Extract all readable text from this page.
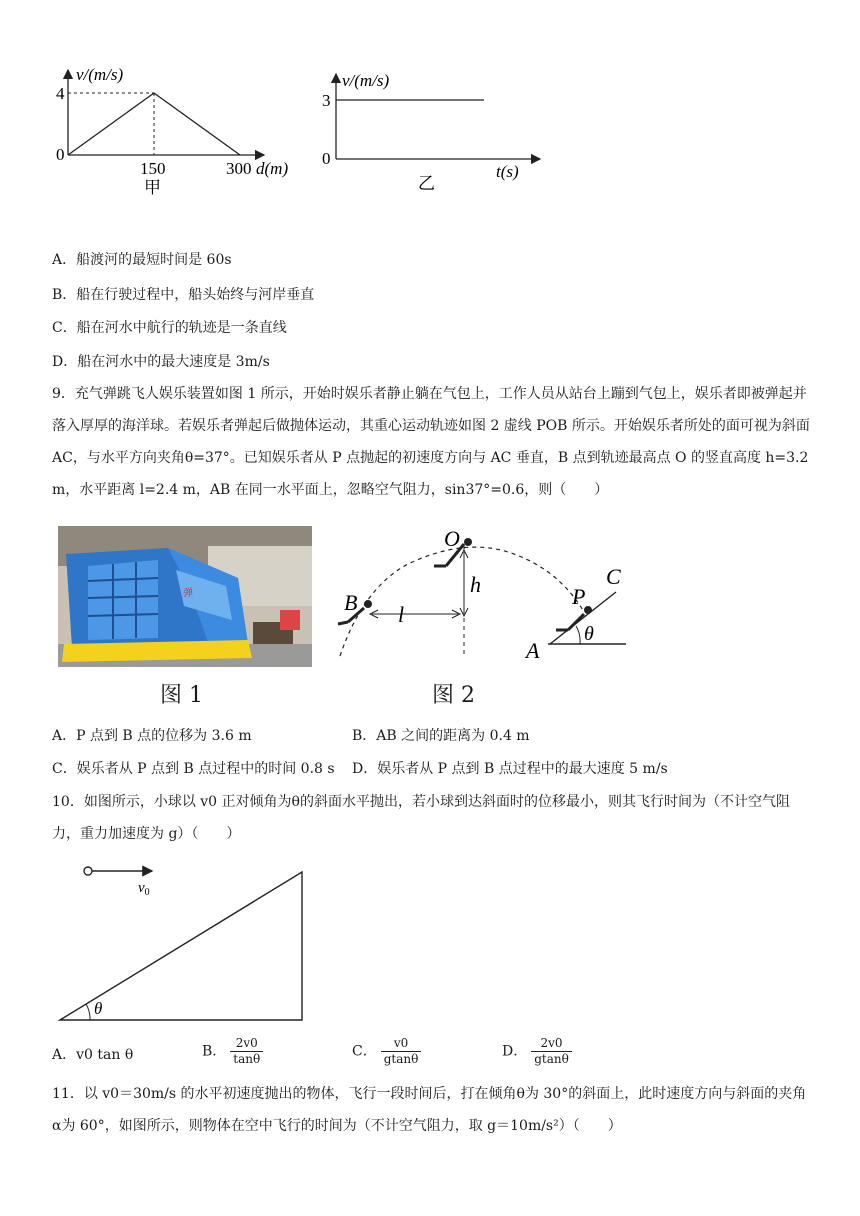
v/(m/s)
4
0
150	300 d(m)
甲
v/(m/s)
3
0
t(s)
乙
A．船渡河的最短时间是 60s
B．船在行驶过程中，船头始终与河岸垂直
C．船在河水中航行的轨迹是一条直线
D．船在河水中的最大速度是 3m/s
9．充气弹跳飞人娱乐装置如图 1 所示，开始时娱乐者静止躺在气包上，工作人员从站台上蹦到气包上，娱乐者即被弹起并落入厚厚的海洋球。若娱乐者弹起后做抛体运动，其重心运动轨迹如图 2 虚线 POB 所示。开始娱乐者所处的面可视为斜面 AC，与水平方向夹角θ=37°。已知娱乐者从 P 点抛起的初速度方向与 AC 垂直，B 点到轨迹最高点 O 的竖直高度 h=3.2 m，水平距离 l=2.4 m，AB 在同一水平面上，忽略空气阻力，sin37°=0.6，则（　　）
弹
图 1
O
h
B l
P
C
A
θ
图 2
A．P 点到 B 点的位移为 3.6 m	B．AB 之间的距离为 0.4 m
C．娱乐者从 P 点到 B 点过程中的时间 0.8 s D．娱乐者从 P 点到 B 点过程中的最大速度 5 m/s
10．如图所示，小球以 v0 正对倾角为θ的斜面水平抛出，若小球到达斜面时的位移最小，则其飞行时间为（不计空气阻力，重力加速度为 g）（　　）
$v_0$
θ
A．v0 tan θ	B． $\frac{2v0}{\tan\theta}$	C． $\frac{v0}{gtan\theta}$	D． $\frac{2v0}{gtan\theta}$
11．以 v0＝30m/s 的水平初速度抛出的物体，飞行一段时间后，打在倾角θ为 30°的斜面上，此时速度方向与斜面的夹角α为 60°，如图所示，则物体在空中飞行的时间为（不计空气阻力，取 g＝10m/s²）（　　）
